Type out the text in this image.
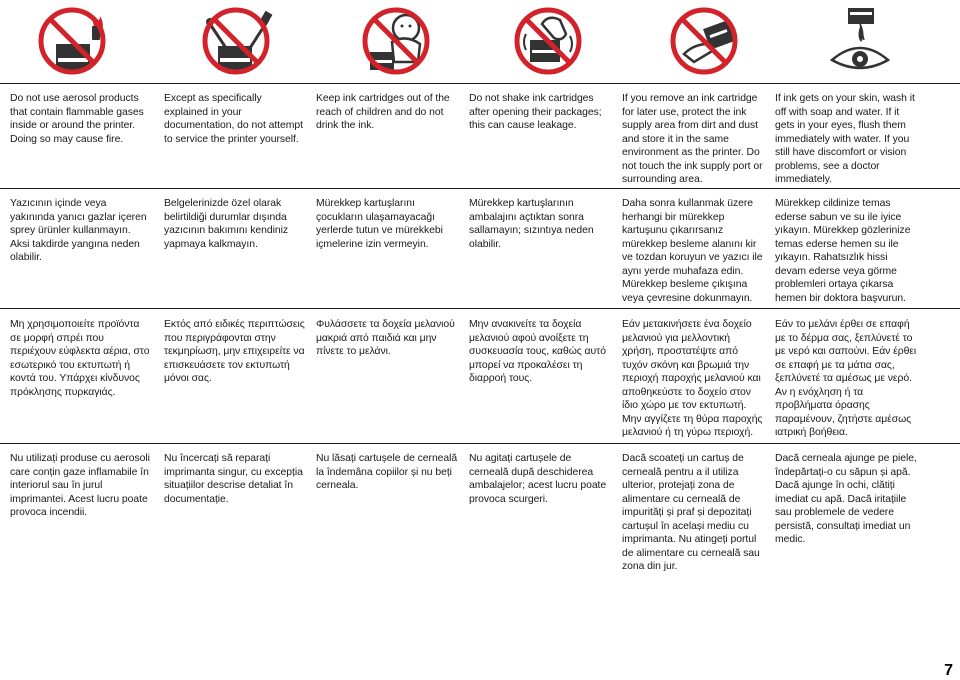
Do not use aerosol products that contain flammable gases inside or around the printer. Doing so may cause fire.
Except as specifically explained in your documentation, do not attempt to service the printer yourself.
Keep ink cartridges out of the reach of children and do not drink the ink.
Do not shake ink cartridges after opening their packages; this can cause leakage.
If you remove an ink cartridge for later use, protect the ink supply area from dirt and dust and store it in the same environment as the printer. Do not touch the ink supply port or surrounding area.
If ink gets on your skin, wash it off with soap and water. If it gets in your eyes, flush them immediately with water. If you still have discomfort or vision problems, see a doctor immediately.
Yazıcının içinde veya yakınında yanıcı gazlar içeren sprey ürünler kullanmayın. Aksi takdirde yangına neden olabilir.
Belgelerinizde özel olarak belirtildiği durumlar dışında yazıcının bakımını kendiniz yapmaya kalkmayın.
Mürekkep kartuşlarını çocukların ulaşamayacağı yerlerde tutun ve mürekkebi içmelerine izin vermeyin.
Mürekkep kartuşlarının ambalajını açtıktan sonra sallamayın; sızıntıya neden olabilir.
Daha sonra kullanmak üzere herhangi bir mürekkep kartuşunu çıkarırsanız mürekkep besleme alanını kir ve tozdan koruyun ve yazıcı ile aynı yerde muhafaza edin. Mürekkep besleme çıkışına veya çevresine dokunmayın.
Mürekkep cildinize temas ederse sabun ve su ile iyice yıkayın. Mürekkep gözlerinize temas ederse hemen su ile yıkayın. Rahatsızlık hissi devam ederse veya görme problemleri ortaya çıkarsa hemen bir doktora başvurun.
Μη χρησιμοποιείτε προϊόντα σε μορφή σπρέι που περιέχουν εύφλεκτα αέρια, στο εσωτερικό του εκτυπωτή ή κοντά του. Υπάρχει κίνδυνος πρόκλησης πυρκαγιάς.
Εκτός από ειδικές περιπτώσεις που περιγράφονται στην τεκμηρίωση, μην επιχειρείτε να επισκευάσετε τον εκτυπωτή μόνοι σας.
Φυλάσσετε τα δοχεία μελανιού μακριά από παιδιά και μην πίνετε το μελάνι.
Μην ανακινείτε τα δοχεία μελανιού αφού ανοίξετε τη συσκευασία τους, καθώς αυτό μπορεί να προκαλέσει τη διαρροή τους.
Εάν μετακινήσετε ένα δοχείο μελανιού για μελλοντική χρήση, προστατέψτε από τυχόν σκόνη και βρωμιά την περιοχή παροχής μελανιού και αποθηκεύστε το δοχείο στον ίδιο χώρο με τον εκτυπωτή. Μην αγγίζετε τη θύρα παροχής μελανιού ή τη γύρω περιοχή.
Εάν το μελάνι έρθει σε επαφή με το δέρμα σας, ξεπλύνετέ το με νερό και σαπούνι. Εάν έρθει σε επαφή με τα μάτια σας, ξεπλύνετέ τα αμέσως με νερό. Αν η ενόχληση ή τα προβλήματα όρασης παραμένουν, ζητήστε αμέσως ιατρική βοήθεια.
Nu utilizați produse cu aerosoli care conțin gaze inflamabile în interiorul sau în jurul imprimantei. Acest lucru poate provoca incendii.
Nu încercați să reparați imprimanta singur, cu excepția situațiilor descrise detaliat în documentație.
Nu lăsați cartușele de cerneală la îndemâna copiilor și nu beți cerneala.
Nu agitați cartușele de cerneală după deschiderea ambalajelor; acest lucru poate provoca scurgeri.
Dacă scoateți un cartuș de cerneală pentru a il utiliza ulterior, protejați zona de alimentare cu cerneală de impurități și praf și depozitați cartușul în același mediu cu imprimanta. Nu atingeți portul de alimentare cu cerneală sau zona din jur.
Dacă cerneala ajunge pe piele, îndepărtați-o cu săpun și apă. Dacă ajunge în ochi, clătiți imediat cu apă. Dacă iritațiile sau problemele de vedere persistă, consultați imediat un medic.
7
